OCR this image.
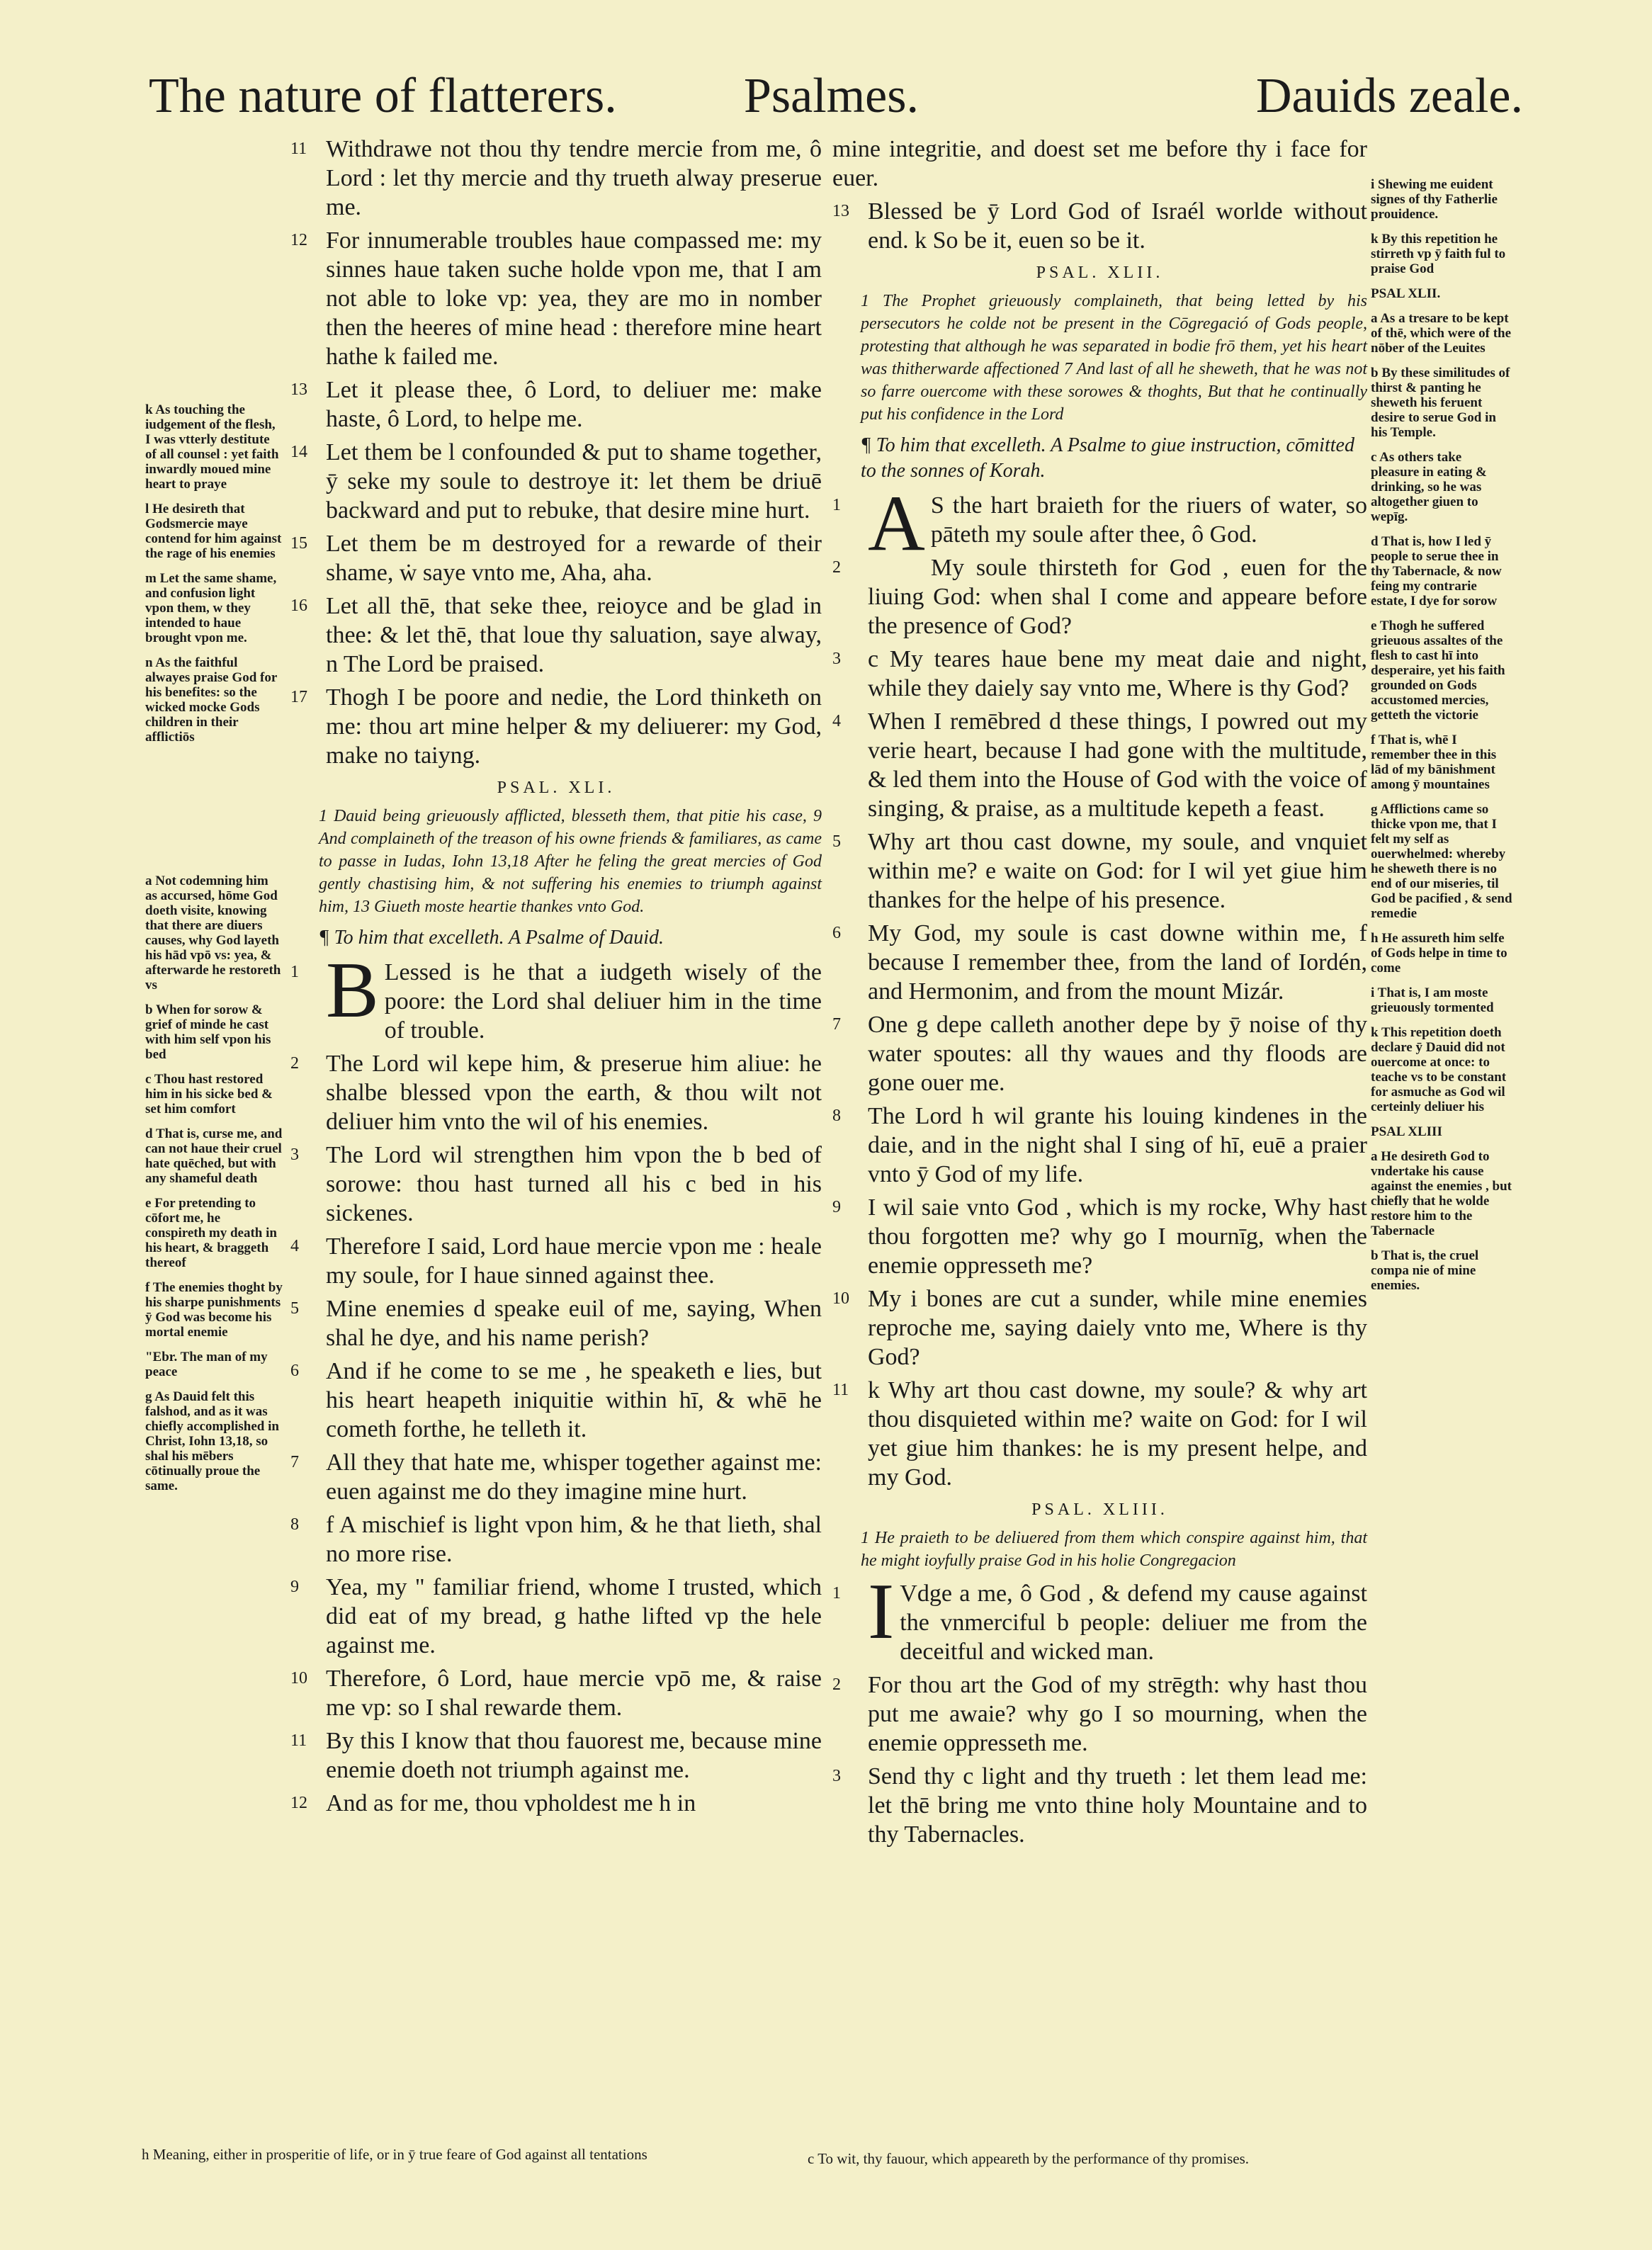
The nature of flatterers.	Psalmes.	Dauids zeale.
k As touching the iudgement of the flesh, I was vtterly destitute of all counsel : yet faith inwardly moued mine heart to praye
l He desireth that Godsmercie maye contend for him against the rage of his enemies
m Let the same shame, and confusion light vpon them, w they intended to haue brought vpon me.
n As the faithful alwayes praise God for his benefites: so the wicked mocke Gods children in their afflictiōs
a Not codemning him as accursed, hōme God doeth visite, knowing that there are diuers causes, why God layeth his hād vpō vs: yea, & afterwarde he restoreth vs
b When for sorow & grief of minde he cast with him self vpon his bed
c Thou hast restored him in his sicke bed & set him comfort
d That is, curse me, and can not haue their cruel hate quēched, but with any shameful death
e For pretending to cōfort me, he conspireth my death in his heart, & braggeth thereof
f The enemies thoght by his sharpe punishments ȳ God was become his mortal enemie
"Ebr. The man of my peace
g As Dauid felt this falshod, and as it was chiefly accomplished in Christ, Iohn 13,18, so shal his mēbers cōtinually proue the same.
11 Withdrawe not thou thy tendre mercie from me, ô Lord : let thy mercie and thy trueth alway preserue me.
12 For innumerable troubles haue compassed me: my sinnes haue taken suche holde vpon me, that I am not able to loke vp: yea, they are mo in nomber then the heeres of mine head : therefore mine heart hathe k failed me.
13 Let it please thee, ô Lord, to deliuer me: make haste, ô Lord, to helpe me.
14 Let them be l confounded & put to shame together, ȳ seke my soule to destroye it: let them be driuē backward and put to rebuke, that desire mine hurt.
15 Let them be m destroyed for a rewarde of their shame, ẇ saye vnto me, Aha, aha.
16 Let all thē, that seke thee, reioyce and be glad in thee: & let thē, that loue thy saluation, saye alway, n The Lord be praised.
17 Thogh I be poore and nedie, the Lord thinketh on me: thou art mine helper & my deliuerer: my God, make no taiyng.
PSAL. XLI.
1 Dauid being grieuously afflicted, blesseth them, that pitie his case, 9 And complaineth of the treason of his owne friends & familiares, as came to passe in Iudas, Iohn 13,18 After he feling the great mercies of God gently chastising him, & not suffering his enemies to triumph against him, 13 Giueth moste heartie thankes vnto God.
¶ To him that excelleth. A Psalme of Dauid.
1 B Lessed is he that a iudgeth wisely of the poore: the Lord shal deliuer him in the time of trouble.
2	The Lord wil kepe him, & preserue him aliue: he shalbe blessed vpon the earth, & thou wilt not deliuer him vnto the wil of his enemies.
3	The Lord wil strengthen him vpon the b bed of sorowe: thou hast turned all his c bed in his sickenes.
4	Therefore I said, Lord haue mercie vpon me : heale my soule, for I haue sinned against thee.
5	Mine enemies d speake euil of me, saying, When shal he dye, and his name perish?
6	And if he come to se me , he speaketh e lies, but his heart heapeth iniquitie within hī, & whē he cometh forthe, he telleth it.
7	All they that hate me, whisper together against me: euen against me do they imagine mine hurt.
8	f A mischief is light vpon him, & he that lieth, shal no more rise.
9	Yea, my " familiar friend, whome I trusted, which did eat of my bread, g hathe lifted vp the hele against me.
10 Therefore, ô Lord, haue mercie vpō me, & raise me vp: so I shal rewarde them.
11 By this I know that thou fauorest me, because mine enemie doeth not triumph against me.
12 And as for me, thou vpholdest me h in
mine integritie, and doest set me before thy i face for euer.
13 Blessed be ȳ Lord God of Israél worlde without end. k So be it, euen so be it.
PSAL. XLII.
1 The Prophet grieuously complaineth, that being letted by his persecutors he colde not be present in the Cōgregació of Gods people, protesting that although he was separated in bodie frō them, yet his heart was thitherwarde affectioned 7 And last of all he sheweth, that he was not so farre ouercome with these sorowes & thoghts, But that he continually put his confidence in the Lord
¶ To him that excelleth. A Psalme to giue instruction, cōmitted to the sonnes of Korah.
1 A S the hart braieth for the riuers of water, so pāteth my soule after thee, ô God.
2	My soule thirsteth for God , euen for the liuing God: when shal I come and appeare before the presence of God?
3	c My teares haue bene my meat daie and night, while they daiely say vnto me, Where is thy God?
4	When I remēbred d these things, I powred out my verie heart, because I had gone with the multitude, & led them into the House of God with the voice of singing, & praise, as a multitude kepeth a feast.
5	Why art thou cast downe, my soule, and vnquiet within me? e waite on God: for I wil yet giue him thankes for the helpe of his presence.
6	My God, my soule is cast downe within me, f because I remember thee, from the land of Iordén, and Hermonim, and from the mount Mizár.
7	One g depe calleth another depe by ȳ noise of thy water spoutes: all thy waues and thy floods are gone ouer me.
8	The Lord h wil grante his louing kindenes in the daie, and in the night shal I sing of hī, euē a praier vnto ȳ God of my life.
9	I wil saie vnto God , which is my rocke, Why hast thou forgotten me? why go I mournīg, when the enemie oppresseth me?
10 My i bones are cut a sunder, while mine enemies reproche me, saying daiely vnto me, Where is thy God?
11 k Why art thou cast downe, my soule? & why art thou disquieted within me? waite on God: for I wil yet giue him thankes: he is my present helpe, and my God.
PSAL. XLIII.
1 He praieth to be deliuered from them which conspire against him, that he might ioyfully praise God in his holie Congregacion
1 I Vdge a me, ô God , & defend my cause against the vnmerciful b people: deliuer me from the deceitful and wicked man.
2	For thou art the God of my strēgth: why hast thou put me awaie? why go I so mourning, when the enemie oppresseth me.
3	Send thy c light and thy trueth : let them lead me: let thē bring me vnto thine holy Mountaine and to thy Tabernacles.
i Shewing me euident signes of thy Fatherlie prouidence.
k By this repetition he stirreth vp ȳ faith ful to praise God
PSAL XLII.
a As a tresare to be kept of thē, which were of the nōber of the Leuites
b By these similitudes of thirst & panting he sheweth his feruent desire to serue God in his Temple.
c As others take pleasure in eating & drinking, so he was altogether giuen to wepīg.
d That is, how I led ȳ people to serue thee in thy Tabernacle, & now feing my contrarie estate, I dye for sorow
e Thogh he suffered grieuous assaltes of the flesh to cast hī into desperaire, yet his faith grounded on Gods accustomed mercies, getteth the victorie
f That is, whē I remember thee in this lād of my bānishment among ȳ mountaines
g Afflictions came so thicke vpon me, that I felt my self as ouerwhelmed: whereby he sheweth there is no end of our miseries, til God be pacified , & send remedie
h He assureth him selfe of Gods helpe in time to come
i That is, I am moste grieuously tormented
k This repetition doeth declare ȳ Dauid did not ouercome at once: to teache vs to be constant for asmuche as God wil certeinly deliuer his
PSAL XLIII
a He desireth God to vndertake his cause against the enemies , but chiefly that he wolde restore him to the Tabernacle
b That is, the cruel compa nie of mine enemies.
h Meaning, either in prosperitie of life, or in ȳ true feare of God against all tentations	c To wit, thy fauour, which appeareth by the performance of thy promises.
